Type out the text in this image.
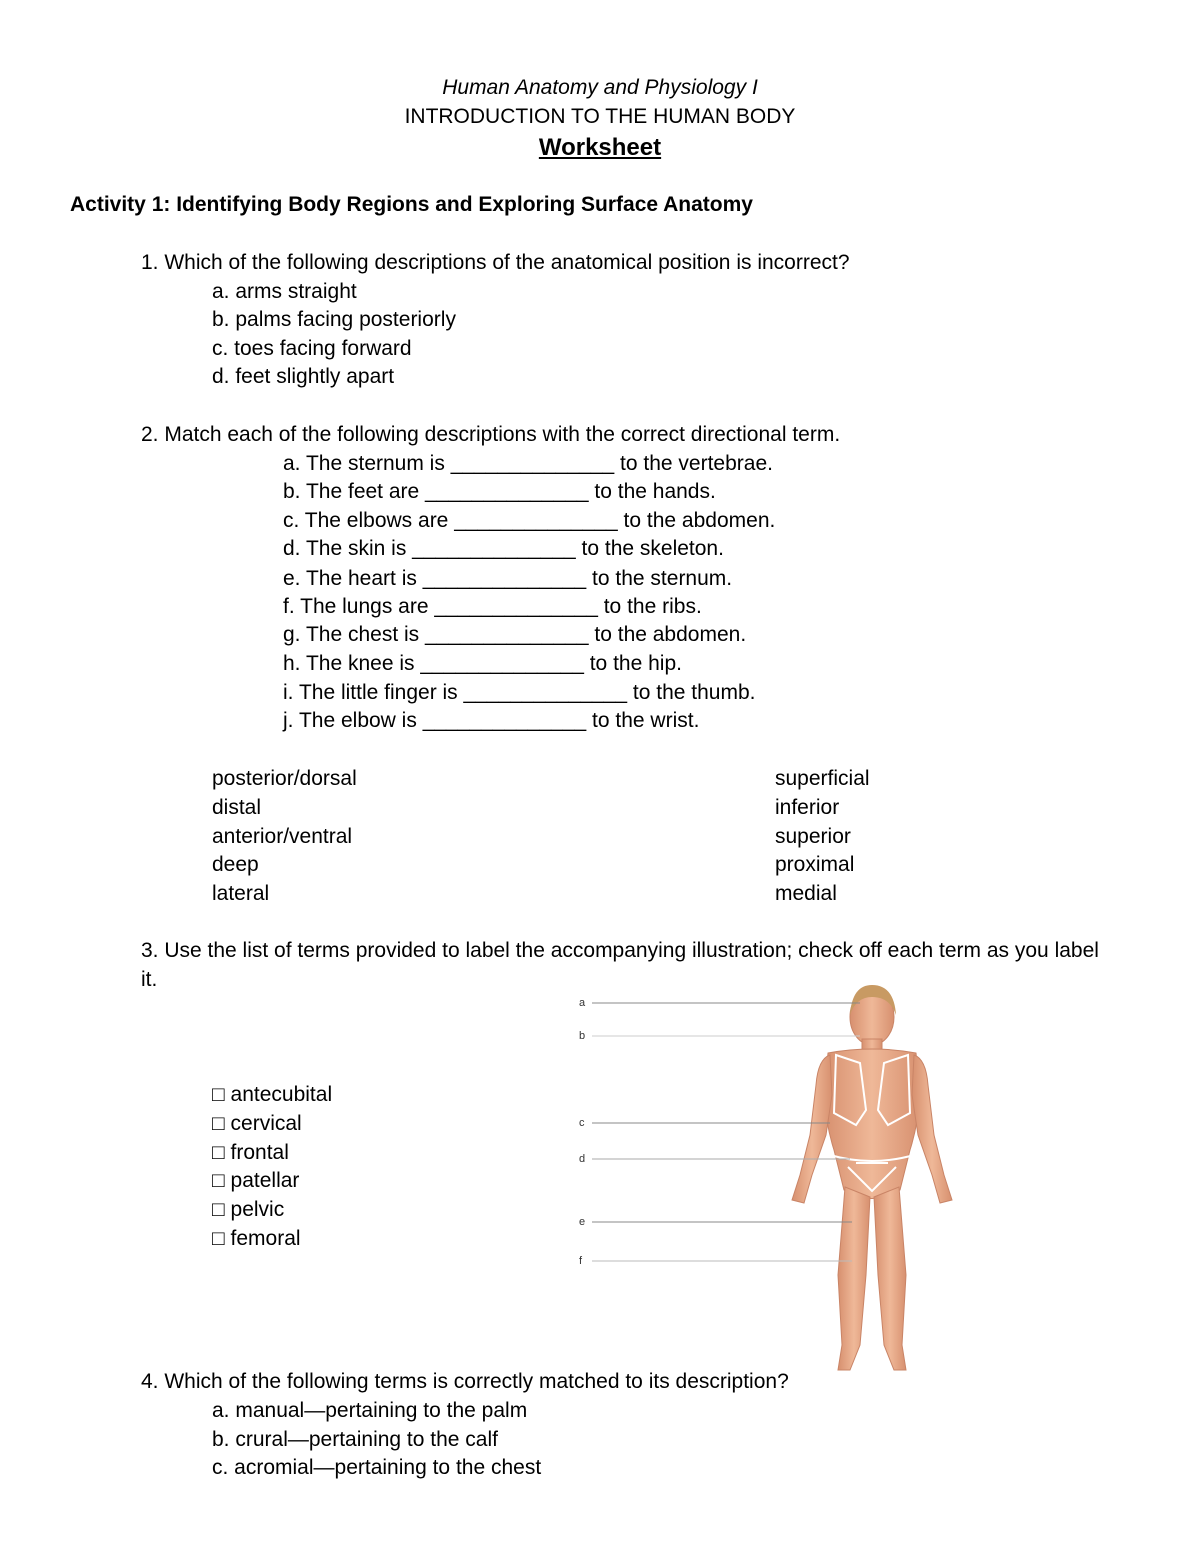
Human Anatomy and Physiology I
INTRODUCTION TO THE HUMAN BODY
Worksheet
Activity 1: Identifying Body Regions and Exploring Surface Anatomy
1. Which of the following descriptions of the anatomical position is incorrect?
a. arms straight
b. palms facing posteriorly
c. toes facing forward
d. feet slightly apart
2. Match each of the following descriptions with the correct directional term.
a. The sternum is ______________ to the vertebrae.
b. The feet are ______________ to the hands.
c. The elbows are ______________ to the abdomen.
d. The skin is ______________ to the skeleton.
e. The heart is ______________ to the sternum.
f. The lungs are ______________ to the ribs.
g. The chest is ______________ to the abdomen.
h. The knee is ______________ to the hip.
i. The little finger is ______________ to the thumb.
j. The elbow is ______________ to the wrist.
posterior/dorsal
distal
anterior/ventral
deep
lateral
superficial
inferior
superior
proximal
medial
3. Use the list of terms provided to label the accompanying illustration; check off each term as you label
it.
□ antecubital
□ cervical
□ frontal
□ patellar
□ pelvic
□ femoral
a
b
c
d
e
f
4. Which of the following terms is correctly matched to its description?
a. manual—pertaining to the palm
b. crural—pertaining to the calf
c. acromial—pertaining to the chest
